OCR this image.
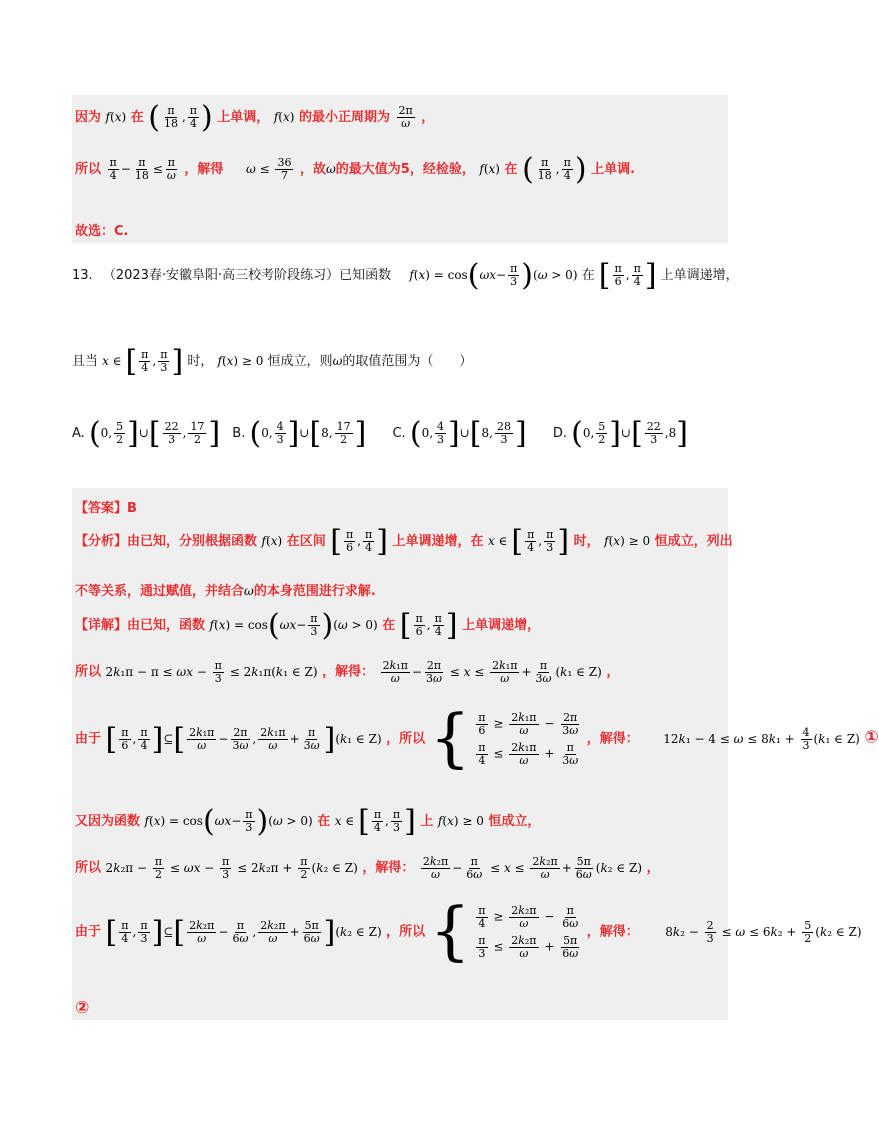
因为 f(x) 在 ( $\frac{\pi}{18}$ , $\frac{\pi}{4}$ ) 上单调， f(x) 的最小正周期为 $\frac{2\pi}{\omega}$ ，
所以 $\frac{\pi}{4} - \frac{\pi}{18} \le \frac{\pi}{\omega}$ ，解得 $\omega \le \frac{36}{7}$ ，故ω的最大值为5，经检验， f(x) 在 ( $\frac{\pi}{18}$ , $\frac{\pi}{4}$ ) 上单调.
故选：C.
13. （2023春·安徽阜阳·高三校考阶段练习）已知函数 $f(x) = \cos(\omega x- \frac{\pi}{3} )(\omega > 0)$ 在 [ $\frac{\pi}{6}$ , $\frac{\pi}{4}$ ] 上单调递增，
且当 x ∈ [ $\frac{\pi}{4}$ , $\frac{\pi}{3}$ ] 时， f(x) ≥ 0 恒成立，则ω的取值范围为（　　）
A. (0, $\frac{5}{2}$ ]∪[ $\frac{22}{3}$ , $\frac{17}{2}$ ] B. (0, $\frac{4}{3}$ ]∪[8, $\frac{17}{2}$ ] C. (0, $\frac{4}{3}$ ]∪[8, $\frac{28}{3}$ ] D. (0, $\frac{5}{2}$ ]∪[ $\frac{22}{3} ,8$]
【答案】B
【分析】由已知，分别根据函数 f(x) 在区间 [ $\frac{\pi}{6}$ , $\frac{\pi}{4}$ ] 上单调递增，在 x ∈ [ $\frac{\pi}{4}$ , $\frac{\pi}{3}$ ] 时， f(x) ≥ 0 恒成立，列出
不等关系，通过赋值，并结合ω的本身范围进行求解.
【详解】由已知，函数 $f(x) = \cos(\omega x- \frac{\pi}{3} )(\omega > 0)$ 在 [ $\frac{\pi}{6}$ , $\frac{\pi}{4}$ ] 上单调递增，
所以 $2k_1\pi - \pi \le \omega x - \frac{\pi}{3} \le 2k_1\pi(k_1$ ∈ Z) ，解得： $\frac{\text{2k₁π}}{\omega} - \frac{2\pi}{3\omega} \le x \le \frac{\text{2k₁π}}{\omega} + \frac{\pi}{3\omega} (k_1$ ∈ Z) ，
由于 [ $\frac{\pi}{6}$ , $\frac{\pi}{4}$ ]⊆[ $\frac{\text{2k₁π}}{\omega} - \frac{2\pi}{3\omega}$ , $\frac{\text{2k₁π}}{\omega} + \frac{\pi}{3\omega} ](k_1$ ∈ Z) ，所以 { $\frac{\pi}{6} \ge \frac{\text{2k₁π}}{\omega} - \frac{2\pi}{3\omega}$
$\frac{\pi}{4} \le \frac{\text{2k₁π}}{\omega} + \frac{\pi}{3\omega}$
，解得： $12k_1 - 4 \le \omega \le 8k_1 + \frac{4}{3} (k_1$ ∈ Z) ①
又因为函数 $f(x) = \cos(\omega x- \frac{\pi}{3} )(\omega > 0)$ 在 x ∈ [ $\frac{\pi}{4}$ , $\frac{\pi}{3}$ ] 上 f(x) ≥ 0 恒成立，
所以 $2k_2\pi - \frac{\pi}{2} \le \omega x - \frac{\pi}{3} \le 2k_2\pi + \frac{\pi}{2} (k_2$ ∈ Z) ，解得： $\frac{\text{2k₂π}}{\omega} - \frac{\pi}{6\omega} \le x \le \frac{\text{2k₂π}}{\omega} + \frac{5\pi}{6\omega} (k_2$ ∈ Z) ，
由于 [ $\frac{\pi}{4}$ , $\frac{\pi}{3}$ ]⊆[ $\frac{\text{2k₂π}}{\omega} - \frac{\pi}{6\omega}$ , $\frac{\text{2k₂π}}{\omega} + \frac{5\pi}{6\omega} ](k_2$ ∈ Z) ，所以 { $\frac{\pi}{4} \ge \frac{\text{2k₂π}}{\omega} - \frac{\pi}{6\omega}$
$\frac{\pi}{3} \le \frac{\text{2k₂π}}{\omega} + \frac{5\pi}{6\omega}$
，解得： $8k_2 - \frac{2}{3} \le \omega \le 6k_2 + \frac{5}{2} (k_2$ ∈ Z)
②
